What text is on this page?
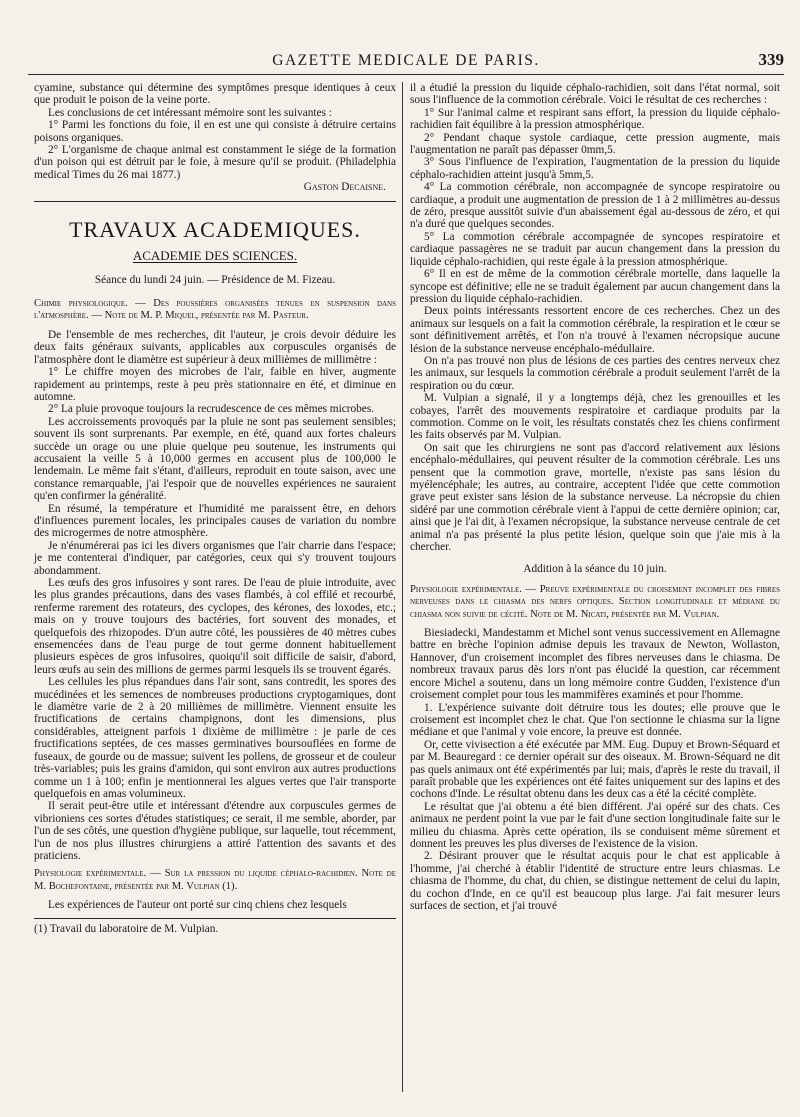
GAZETTE MEDICALE DE PARIS.	339

cyamine, substance qui détermine des symptômes presque identiques à ceux que produit le poison de la veine porte.

Les conclusions de cet intéressant mémoire sont les suivantes :

1° Parmi les fonctions du foie, il en est une qui consiste à détruire certains poisons organiques.

2° L'organisme de chaque animal est constamment le siége de la formation d'un poison qui est détruit par le foie, à mesure qu'il se produit. (Philadelphia medical Times du 26 mai 1877.)

Gaston Decaisne.
TRAVAUX ACADEMIQUES.
ACADEMIE DES SCIENCES.
Séance du lundi 24 juin. — Présidence de M. Fizeau.

Chimie physiologique. — Des poussières organisées tenues en suspension dans l'atmosphère. — Note de M. P. Miquel, présentée par M. Pasteur.

De l'ensemble de mes recherches, dit l'auteur, je crois devoir déduire les deux faits généraux suivants, applicables aux corpuscules organisés de l'atmosphère dont le diamètre est supérieur à deux millièmes de millimètre :

1° Le chiffre moyen des microbes de l'air, faible en hiver, augmente rapidement au printemps, reste à peu près stationnaire en été, et diminue en automne.

2° La pluie provoque toujours la recrudescence de ces mêmes microbes.

Les accroissements provoqués par la pluie ne sont pas seulement sensibles; souvent ils sont surprenants. Par exemple, en été, quand aux fortes chaleurs succède un orage ou une pluie quelque peu soutenue, les instruments qui accusaient la veille 5 à 10,000 germes en accusent plus de 100,000 le lendemain. Le même fait s'étant, d'ailleurs, reproduit en toute saison, avec une constance remarquable, j'ai l'espoir que de nouvelles expériences ne sauraient qu'en confirmer la généralité.

En résumé, la température et l'humidité me paraissent être, en dehors d'influences purement locales, les principales causes de variation du nombre des microgermes de notre atmosphère.

Je n'énumérerai pas ici les divers organismes que l'air charrie dans l'espace; je me contenterai d'indiquer, par catégories, ceux qui s'y trouvent toujours abondamment.

Les œufs des gros infusoires y sont rares. De l'eau de pluie introduite, avec les plus grandes précautions, dans des vases flambés, à col effilé et recourbé, renferme rarement des rotateurs, des cyclopes, des kérones, des loxodes, etc.; mais on y trouve toujours des bactéries, fort souvent des monades, et quelquefois des rhizopodes. D'un autre côté, les poussières de 40 mètres cubes ensemencées dans de l'eau purge de tout germe donnent habituellement plusieurs espèces de gros infusoires, quoiqu'il soit difficile de saisir, d'abord, leurs œufs au sein des millions de germes parmi lesquels ils se trouvent égarés.

Les cellules les plus répandues dans l'air sont, sans contredit, les spores des mucédinées et les semences de nombreuses productions cryptogamiques, dont le diamètre varie de 2 à 20 millièmes de millimètre. Viennent ensuite les fructifications de certains champignons, dont les dimensions, plus considérables, atteignent parfois 1 dixième de millimètre : je parle de ces fructifications septées, de ces masses germinatives boursouflées en forme de fuseaux, de gourde ou de massue; suivent les pollens, de grosseur et de couleur très-variables; puis les grains d'amidon, qui sont environ aux autres productions comme un 1 à 100; enfin je mentionnerai les algues vertes que l'air transporte quelquefois en amas volumineux.

Il serait peut-être utile et intéressant d'étendre aux corpuscules germes de vibrioniens ces sortes d'études statistiques; ce serait, il me semble, aborder, par l'un de ses côtés, une question d'hygiène publique, sur laquelle, tout récemment, l'un de nos plus illustres chirurgiens a attiré l'attention des savants et des praticiens.

Physiologie expérimentale. — Sur la pression du liquide céphalo-rachidien. Note de M. Bochefontaine, présentée par M. Vulpian (1).

Les expériences de l'auteur ont porté sur cinq chiens chez lesquels

(1) Travail du laboratoire de M. Vulpian.

il a étudié la pression du liquide céphalo-rachidien, soit dans l'état normal, soit sous l'influence de la commotion cérébrale. Voici le résultat de ces recherches :

1° Sur l'animal calme et respirant sans effort, la pression du liquide céphalo-rachidien fait équilibre à la pression atmosphérique.

2° Pendant chaque systole cardiaque, cette pression augmente, mais l'augmentation ne paraît pas dépasser 0mm,5.

3° Sous l'influence de l'expiration, l'augmentation de la pression du liquide céphalo-rachidien atteint jusqu'à 5mm,5.

4° La commotion cérébrale, non accompagnée de syncope respiratoire ou cardiaque, a produit une augmentation de pression de 1 à 2 millimètres au-dessus de zéro, presque aussitôt suivie d'un abaissement égal au-dessous de zéro, et qui n'a duré que quelques secondes.

5° La commotion cérébrale accompagnée de syncopes respiratoire et cardiaque passagères ne se traduit par aucun changement dans la pression du liquide céphalo-rachidien, qui reste égale à la pression atmosphérique.

6° Il en est de même de la commotion cérébrale mortelle, dans laquelle la syncope est définitive; elle ne se traduit également par aucun changement dans la pression du liquide céphalo-rachidien.

Deux points intéressants ressortent encore de ces recherches. Chez un des animaux sur lesquels on a fait la commotion cérébrale, la respiration et le cœur se sont définitivement arrêtés, et l'on n'a trouvé à l'examen nécropsique aucune lésion de la substance nerveuse encéphalo-médullaire.

On n'a pas trouvé non plus de lésions de ces parties des centres nerveux chez les animaux, sur lesquels la commotion cérébrale a produit seulement l'arrêt de la respiration ou du cœur.

M. Vulpian a signalé, il y a longtemps déjà, chez les grenouilles et les cobayes, l'arrêt des mouvements respiratoire et cardiaque produits par la commotion. Comme on le voit, les résultats constatés chez les chiens confirment les faits observés par M. Vulpian.

On sait que les chirurgiens ne sont pas d'accord relativement aux lésions encéphalo-médullaires, qui peuvent résulter de la commotion cérébrale. Les uns pensent que la commotion grave, mortelle, n'existe pas sans lésion du myélencéphale; les autres, au contraire, acceptent l'idée que cette commotion grave peut exister sans lésion de la substance nerveuse. La nécropsie du chien sidéré par une commotion cérébrale vient à l'appui de cette dernière opinion; car, ainsi que je l'ai dit, à l'examen nécropsique, la substance nerveuse centrale de cet animal n'a pas présenté la plus petite lésion, quelque soin que j'aie mis à la chercher.

Addition à la séance du 10 juin.

Physiologie expérimentale. — Preuve expérimentale du croisement incomplet des fibres nerveuses dans le chiasma des nerfs optiques. Section longitudinale et médiane du chiasma non suivie de cécité. Note de M. Nicati, présentée par M. Vulpian.

Biesiadecki, Mandestamm et Michel sont venus successivement en Allemagne battre en brèche l'opinion admise depuis les travaux de Newton, Wollaston, Hannover, d'un croisement incomplet des fibres nerveuses dans le chiasma. De nombreux travaux parus dès lors n'ont pas élucidé la question, car récemment encore Michel a soutenu, dans un long mémoire contre Gudden, l'existence d'un croisement complet pour tous les mammifères examinés et pour l'homme.

1. L'expérience suivante doit détruire tous les doutes; elle prouve que le croisement est incomplet chez le chat. Que l'on sectionne le chiasma sur la ligne médiane et que l'animal y voie encore, la preuve est donnée.

Or, cette vivisection a été exécutée par MM. Eug. Dupuy et Brown-Séquard et par M. Beauregard : ce dernier opérait sur des oiseaux. M. Brown-Séquard ne dit pas quels animaux ont été expérimentés par lui; mais, d'après le reste du travail, il paraît probable que les expériences ont été faites uniquement sur des lapins et des cochons d'Inde. Le résultat obtenu dans les deux cas a été la cécité complète.

Le résultat que j'ai obtenu a été bien différent. J'ai opéré sur des chats. Ces animaux ne perdent point la vue par le fait d'une section longitudinale faite sur le milieu du chiasma. Après cette opération, ils se conduisent même sûrement et donnent les preuves les plus diverses de l'existence de la vision.

2. Désirant prouver que le résultat acquis pour le chat est applicable à l'homme, j'ai cherché à établir l'identité de structure entre leurs chiasmas. Le chiasma de l'homme, du chat, du chien, se distingue nettement de celui du lapin, du cochon d'Inde, en ce qu'il est beaucoup plus large. J'ai fait mesurer leurs surfaces de section, et j'ai trouvé
